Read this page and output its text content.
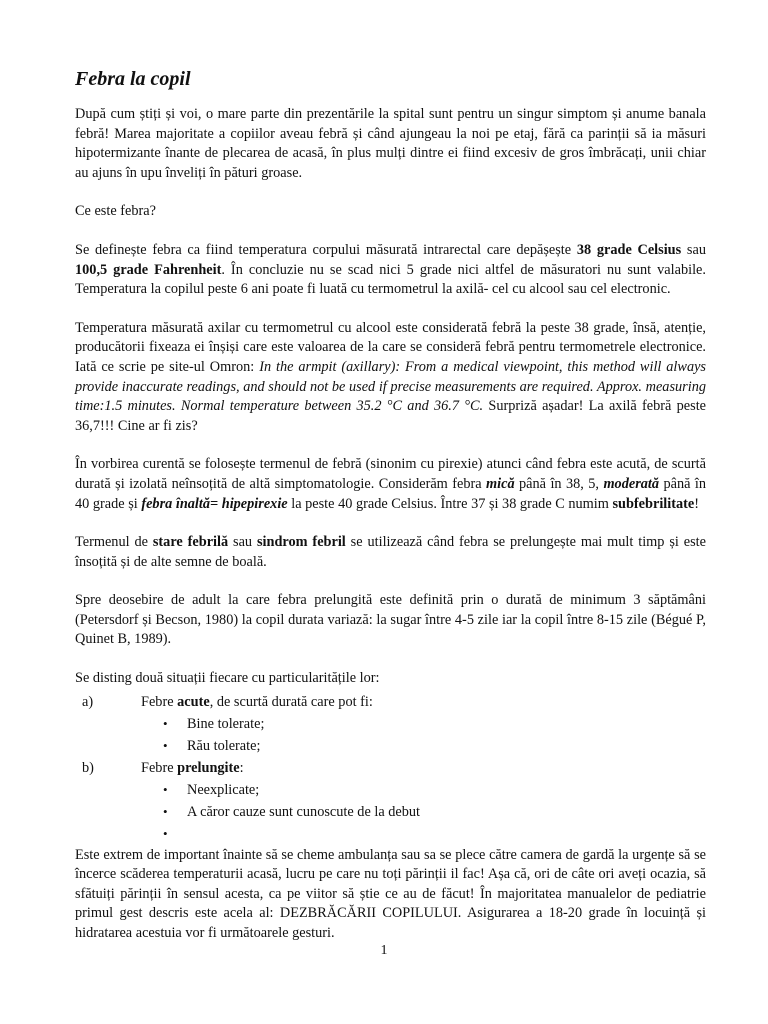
Febra la copil

După cum știți și voi, o mare parte din prezentările la spital sunt pentru un singur simptom și anume banala febră! Marea majoritate a copiilor aveau febră și când ajungeau la noi pe etaj, fără ca parinții să ia măsuri hipotermizante înante de plecarea de acasă, în plus mulți dintre ei fiind excesiv de gros îmbrăcați, unii chiar au ajuns în upu înveliți în pături groase.

Ce este febra?

Se definește febra ca fiind temperatura corpului măsurată intrarectal care depășește 38 grade Celsius sau 100,5 grade Fahrenheit. În concluzie nu se scad nici 5 grade nici altfel de măsuratori nu sunt valabile. Temperatura la copilul peste 6 ani poate fi luată cu termometrul la axilă- cel cu alcool sau cel electronic.

Temperatura măsurată axilar cu termometrul cu alcool este considerată febră la peste 38 grade, însă, atenție, producătorii fixeaza ei înșiși care este valoarea de la care se consideră febră pentru termometrele electronice. Iată ce scrie pe site-ul Omron: In the armpit (axillary): From a medical viewpoint, this method will always provide inaccurate readings, and should not be used if precise measurements are required. Approx. measuring time:1.5 minutes. Normal temperature between 35.2 °C and 36.7 °C. Surpriză așadar! La axilă febră peste 36,7!!! Cine ar fi zis?

În vorbirea curentă se folosește termenul de febră (sinonim cu pirexie) atunci când febra este acută, de scurtă durată și izolată neînsoțită de altă simptomatologie. Considerăm febra mică până în 38, 5, moderată până în 40 grade și febra înaltă= hipepirexie la peste 40 grade Celsius. Între 37 și 38 grade C numim subfebrilitate!

Termenul de stare febrilă sau sindrom febril se utilizează când febra se prelungește mai mult timp și este însoțită și de alte semne de boală.

Spre deosebire de adult la care febra prelungită este definită prin o durată de minimum 3 săptămâni (Petersdorf și Becson, 1980) la copil durata variază: la sugar între 4-5 zile iar la copil între 8-15 zile (Bégué P, Quinet B, 1989).

Se disting două situații fiecare cu particularitățile lor:
a)	Febre acute, de scurtă durată care pot fi:
• Bine tolerate;
• Rău tolerate;
b)	Febre prelungite:
• Neexplicate;
• A căror cauze sunt cunoscute de la debut
•

Este extrem de important înainte să se cheme ambulanța sau sa se plece către camera de gardă la urgențe să se încerce scăderea temperaturii acasă, lucru pe care nu toți părinții il fac! Așa că, ori de câte ori aveți ocazia, să sfătuiți părinții în sensul acesta, ca pe viitor să știe ce au de făcut! În majoritatea manualelor de pediatrie primul gest descris este acela al: DEZBRĂCĂRII COPILULUI. Asigurarea a 18-20 grade în locuință și hidratarea acestuia vor fi următoarele gesturi.

1
